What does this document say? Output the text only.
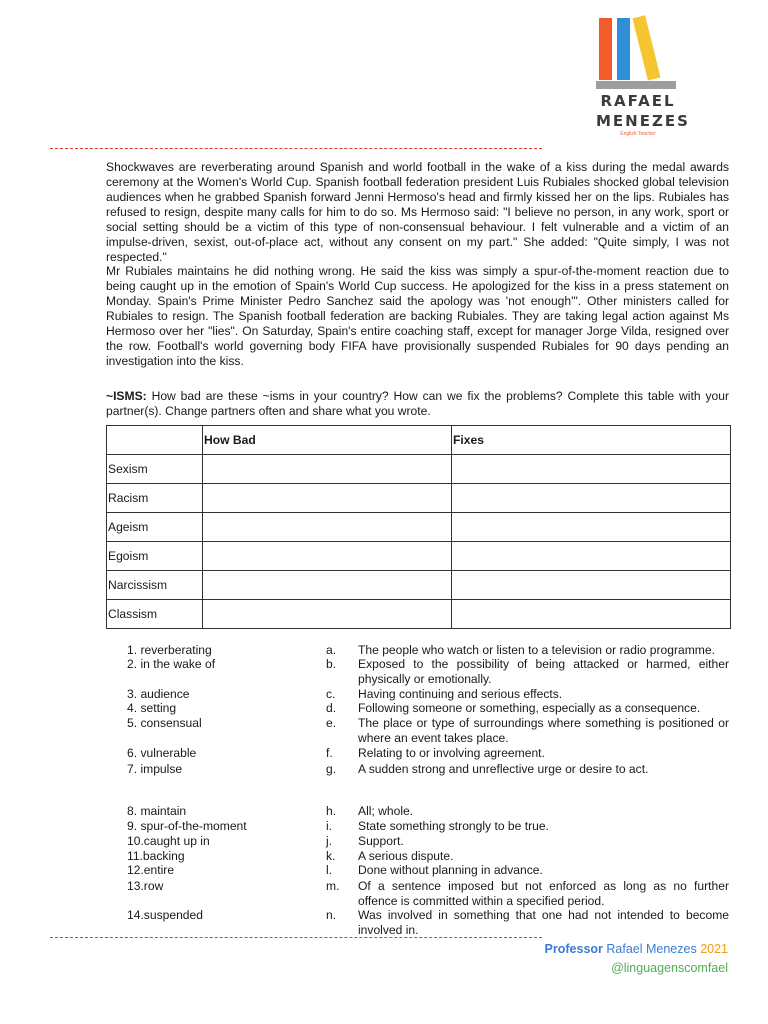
RAFAEL
MENEZES
English Teacher

Shockwaves are reverberating around Spanish and world football in the wake of a kiss during the medal awards ceremony at the Women's World Cup. Spanish football federation president Luis Rubiales shocked global television audiences when he grabbed Spanish forward Jenni Hermoso's head and firmly kissed her on the lips. Rubiales has refused to resign, despite many calls for him to do so. Ms Hermoso said: "I believe no person, in any work, sport or social setting should be a victim of this type of non-consensual behaviour. I felt vulnerable and a victim of an impulse-driven, sexist, out-of-place act, without any consent on my part." She added: "Quite simply, I was not respected."

Mr Rubiales maintains he did nothing wrong. He said the kiss was simply a spur-of-the-moment reaction due to being caught up in the emotion of Spain's World Cup success. He apologized for the kiss in a press statement on Monday. Spain's Prime Minister Pedro Sanchez said the apology was 'not enough'". Other ministers called for Rubiales to resign. The Spanish football federation are backing Rubiales. They are taking legal action against Ms Hermoso over her "lies". On Saturday, Spain's entire coaching staff, except for manager Jorge Vilda, resigned over the row. Football's world governing body FIFA have provisionally suspended Rubiales for 90 days pending an investigation into the kiss.

~ISMS: How bad are these ~isms in your country? How can we fix the problems? Complete this table with your partner(s). Change partners often and share what you wrote.

	How Bad	Fixes
Sexism		
Racism		
Ageism		
Egoism		
Narcissism		
Classism		
1. reverberating	a. The people who watch or listen to a television or radio programme.
2. in the wake of	b. Exposed to the possibility of being attacked or harmed, either physically or emotionally.
3. audience	c. Having continuing and serious effects.
4. setting	d. Following someone or something, especially as a consequence.
5. consensual	e. The place or type of surroundings where something is positioned or where an event takes place.
6. vulnerable	f. Relating to or involving agreement.
7. impulse	g. A sudden strong and unreflective urge or desire to act.
8. maintain	h. All; whole.
9. spur-of-the-moment	i. State something strongly to be true.
10.caught up in	j. Support.
11.backing	k. A serious dispute.
12.entire	l. Done without planning in advance.
13.row	m. Of a sentence imposed but not enforced as long as no further offence is committed within a specified period.
14.suspended	n. Was involved in something that one had not intended to become involved in.
Professor Rafael Menezes 2021
@linguagenscomfael
